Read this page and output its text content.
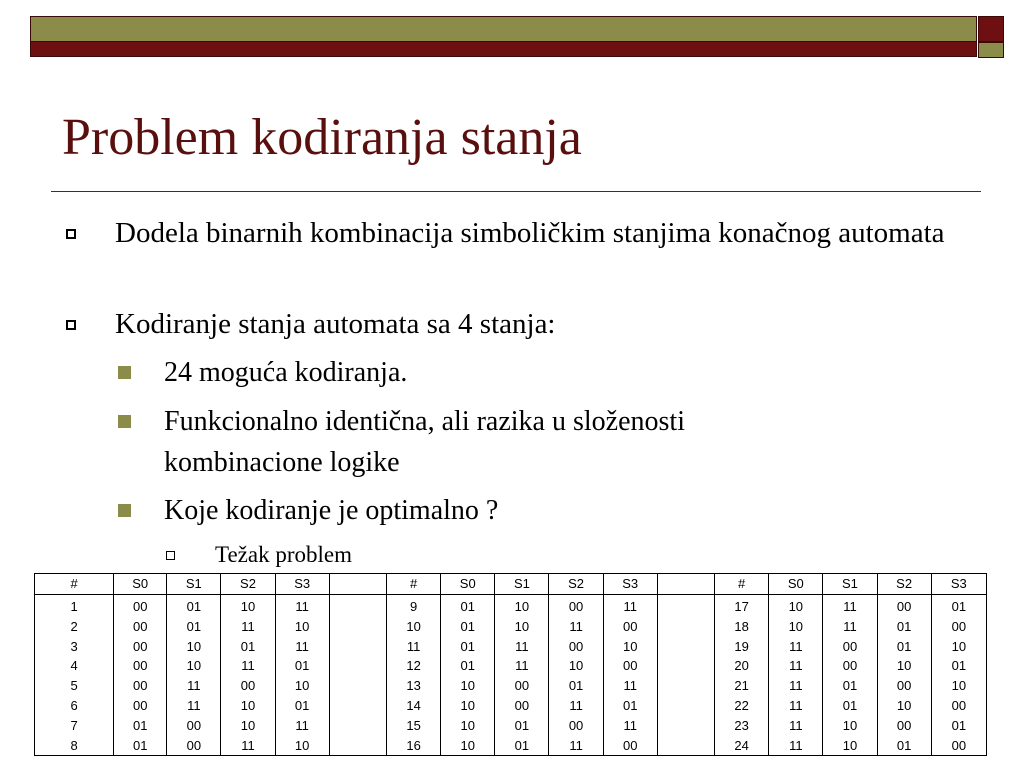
Problem kodiranja stanja
Dodela binarnih kombinacija simboličkim stanjima konačnog automata
Kodiranje stanja automata sa 4 stanja:
24 moguća kodiranja.
Funkcionalno identična, ali razika u složenosti kombinacione logike
Koje kodiranje je optimalno ?
Težak problem
#	S0	S1	S2	S3		#	S0	S1	S2	S3		#	S0	S1	S2	S3
1	00	01	10	11		9	01	10	00	11		17	10	11	00	01
2	00	01	11	10		10	01	10	11	00		18	10	11	01	00
3	00	10	01	11		11	01	11	00	10		19	11	00	01	10
4	00	10	11	01		12	01	11	10	00		20	11	00	10	01
5	00	11	00	10		13	10	00	01	11		21	11	01	00	10
6	00	11	10	01		14	10	00	11	01		22	11	01	10	00
7	01	00	10	11		15	10	01	00	11		23	11	10	00	01
8	01	00	11	10		16	10	01	11	00		24	11	10	01	00
